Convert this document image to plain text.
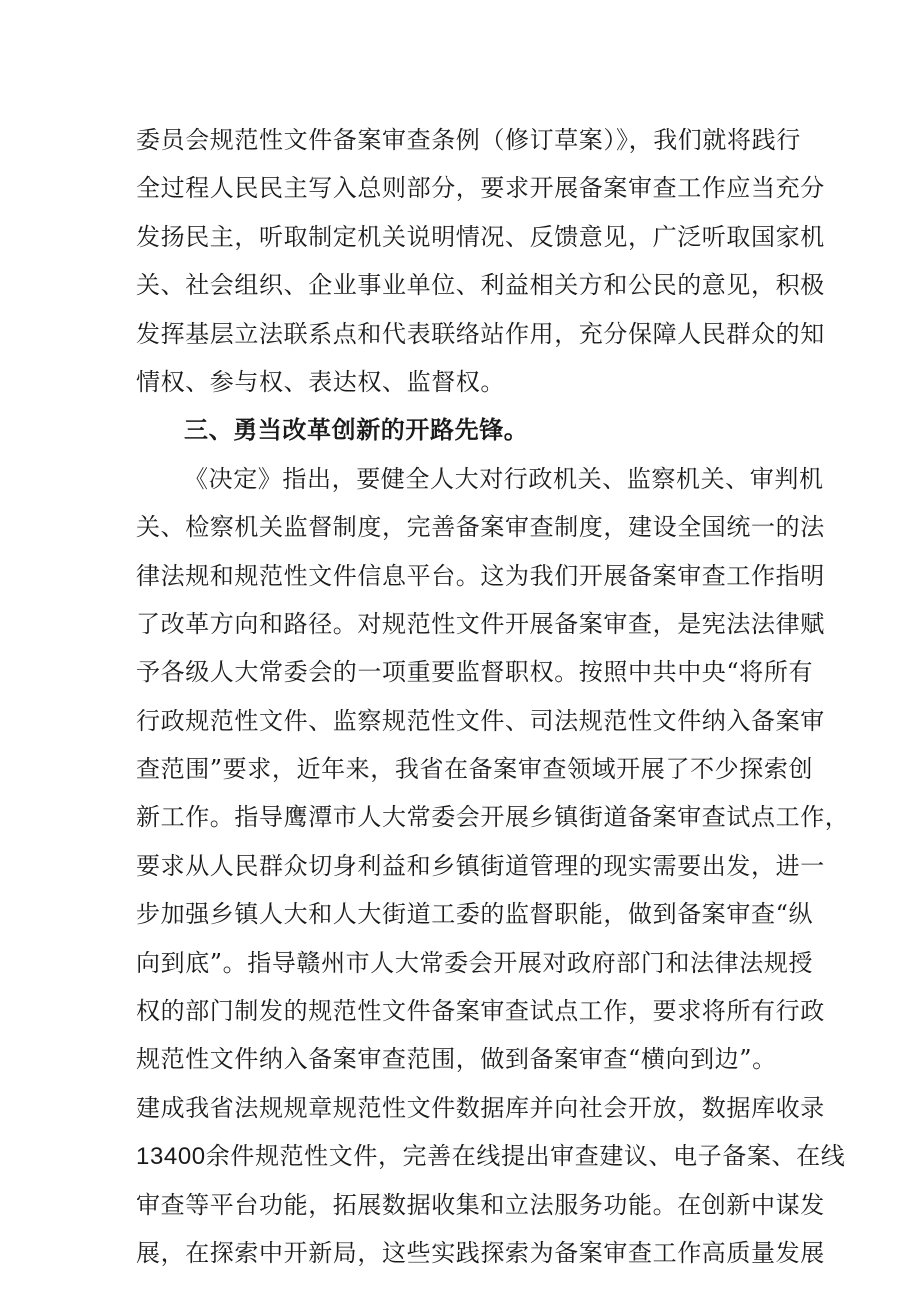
委员会规范性文件备案审查条例（修订草案）》，我们就将践行
全过程人民民主写入总则部分，要求开展备案审查工作应当充分
发扬民主，听取制定机关说明情况、反馈意见，广泛听取国家机
关、社会组织、企业事业单位、利益相关方和公民的意见，积极
发挥基层立法联系点和代表联络站作用，充分保障人民群众的知
情权、参与权、表达权、监督权。
三、勇当改革创新的开路先锋。
《决定》指出，要健全人大对行政机关、监察机关、审判机
关、检察机关监督制度，完善备案审查制度，建设全国统一的法
律法规和规范性文件信息平台。这为我们开展备案审查工作指明
了改革方向和路径。对规范性文件开展备案审查，是宪法法律赋
予各级人大常委会的一项重要监督职权。按照中共中央“将所有
行政规范性文件、监察规范性文件、司法规范性文件纳入备案审
查范围”要求，近年来，我省在备案审查领域开展了不少探索创
新工作。指导鹰潭市人大常委会开展乡镇街道备案审查试点工作，
要求从人民群众切身利益和乡镇街道管理的现实需要出发，进一
步加强乡镇人大和人大街道工委的监督职能，做到备案审查“纵
向到底”。指导赣州市人大常委会开展对政府部门和法律法规授
权的部门制发的规范性文件备案审查试点工作，要求将所有行政
规范性文件纳入备案审查范围，做到备案审查“横向到边”。
建成我省法规规章规范性文件数据库并向社会开放，数据库收录
13400余件规范性文件，完善在线提出审查建议、电子备案、在线
审查等平台功能，拓展数据收集和立法服务功能。在创新中谋发
展，在探索中开新局，这些实践探索为备案审查工作高质量发展
